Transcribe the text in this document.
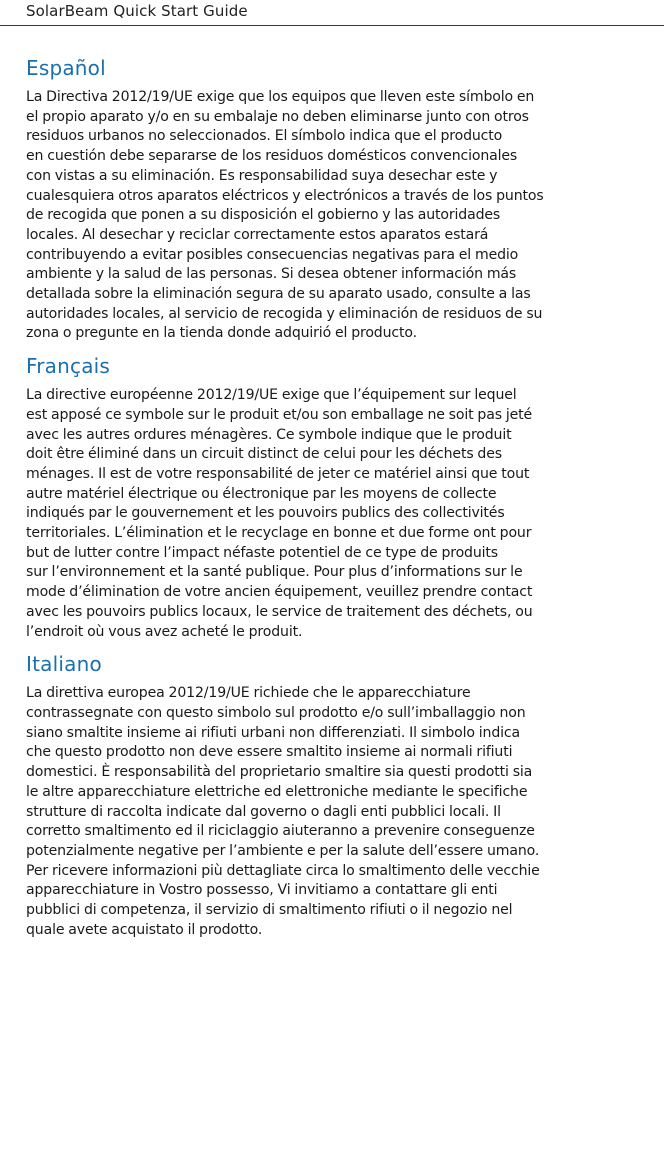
SolarBeam Quick Start Guide
Español

La Directiva 2012/19/UE exige que los equipos que lleven este símbolo en
el propio aparato y/o en su embalaje no deben eliminarse junto con otros
residuos urbanos no seleccionados. El símbolo indica que el producto
en cuestión debe separarse de los residuos domésticos convencionales
con vistas a su eliminación. Es responsabilidad suya desechar este y
cualesquiera otros aparatos eléctricos y electrónicos a través de los puntos
de recogida que ponen a su disposición el gobierno y las autoridades
locales. Al desechar y reciclar correctamente estos aparatos estará
contribuyendo a evitar posibles consecuencias negativas para el medio
ambiente y la salud de las personas. Si desea obtener información más
detallada sobre la eliminación segura de su aparato usado, consulte a las
autoridades locales, al servicio de recogida y eliminación de residuos de su
zona o pregunte en la tienda donde adquirió el producto.

Français

La directive européenne 2012/19/UE exige que l’équipement sur lequel
est apposé ce symbole sur le produit et/ou son emballage ne soit pas jeté
avec les autres ordures ménagères. Ce symbole indique que le produit
doit être éliminé dans un circuit distinct de celui pour les déchets des
ménages. Il est de votre responsabilité de jeter ce matériel ainsi que tout
autre matériel électrique ou électronique par les moyens de collecte
indiqués par le gouvernement et les pouvoirs publics des collectivités
territoriales. L’élimination et le recyclage en bonne et due forme ont pour
but de lutter contre l’impact néfaste potentiel de ce type de produits
sur l’environnement et la santé publique. Pour plus d’informations sur le
mode d’élimination de votre ancien équipement, veuillez prendre contact
avec les pouvoirs publics locaux, le service de traitement des déchets, ou
l’endroit où vous avez acheté le produit.

Italiano

La direttiva europea 2012/19/UE richiede che le apparecchiature
contrassegnate con questo simbolo sul prodotto e/o sull’imballaggio non
siano smaltite insieme ai rifiuti urbani non differenziati. Il simbolo indica
che questo prodotto non deve essere smaltito insieme ai normali rifiuti
domestici. È responsabilità del proprietario smaltire sia questi prodotti sia
le altre apparecchiature elettriche ed elettroniche mediante le specifiche
strutture di raccolta indicate dal governo o dagli enti pubblici locali. Il
corretto smaltimento ed il riciclaggio aiuteranno a prevenire conseguenze
potenzialmente negative per l’ambiente e per la salute dell’essere umano.
Per ricevere informazioni più dettagliate circa lo smaltimento delle vecchie
apparecchiature in Vostro possesso, Vi invitiamo a contattare gli enti
pubblici di competenza, il servizio di smaltimento rifiuti o il negozio nel
quale avete acquistato il prodotto.
